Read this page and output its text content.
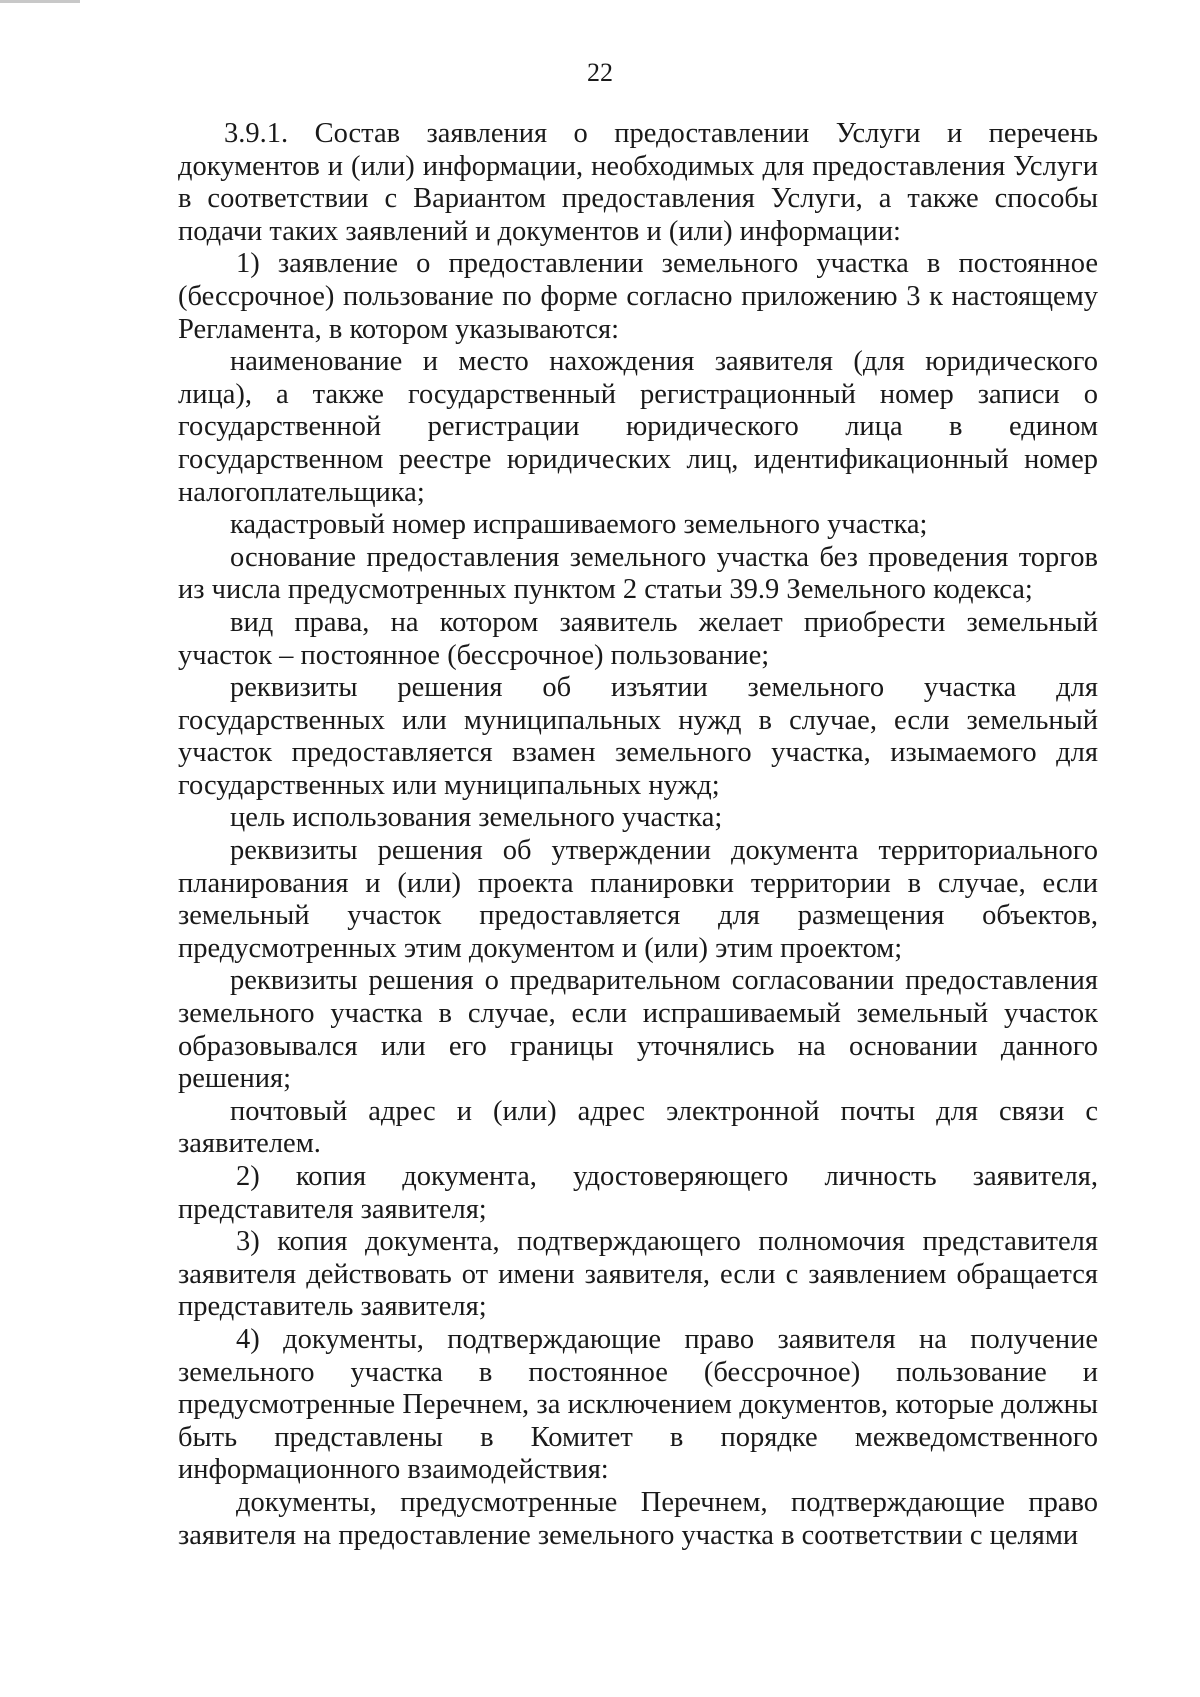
22

3.9.1. Состав заявления о предоставлении Услуги и перечень документов и (или) информации, необходимых для предоставления Услуги в соответствии с Вариантом предоставления Услуги, а также способы подачи таких заявлений и документов и (или) информации:

1) заявление о предоставлении земельного участка в постоянное (бессрочное) пользование по форме согласно приложению 3 к настоящему Регламента, в котором указываются:

наименование и место нахождения заявителя (для юридического лица), а также государственный регистрационный номер записи о государственной регистрации юридического лица в едином государственном реестре юридических лиц, идентификационный номер налогоплательщика;

кадастровый номер испрашиваемого земельного участка;

основание предоставления земельного участка без проведения торгов из числа предусмотренных пунктом 2 статьи 39.9 Земельного кодекса;

вид права, на котором заявитель желает приобрести земельный участок – постоянное (бессрочное) пользование;

реквизиты решения об изъятии земельного участка для государственных или муниципальных нужд в случае, если земельный участок предоставляется взамен земельного участка, изымаемого для государственных или муниципальных нужд;

цель использования земельного участка;

реквизиты решения об утверждении документа территориального планирования и (или) проекта планировки территории в случае, если земельный участок предоставляется для размещения объектов, предусмотренных этим документом и (или) этим проектом;

реквизиты решения о предварительном согласовании предоставления земельного участка в случае, если испрашиваемый земельный участок образовывался или его границы уточнялись на основании данного решения;

почтовый адрес и (или) адрес электронной почты для связи с заявителем.

2) копия документа, удостоверяющего личность заявителя, представителя заявителя;

3) копия документа, подтверждающего полномочия представителя заявителя действовать от имени заявителя, если с заявлением обращается представитель заявителя;

4) документы, подтверждающие право заявителя на получение земельного участка в постоянное (бессрочное) пользование и предусмотренные Перечнем, за исключением документов, которые должны быть представлены в Комитет в порядке межведомственного информационного взаимодействия:

документы, предусмотренные Перечнем, подтверждающие право заявителя на предоставление земельного участка в соответствии с целями
